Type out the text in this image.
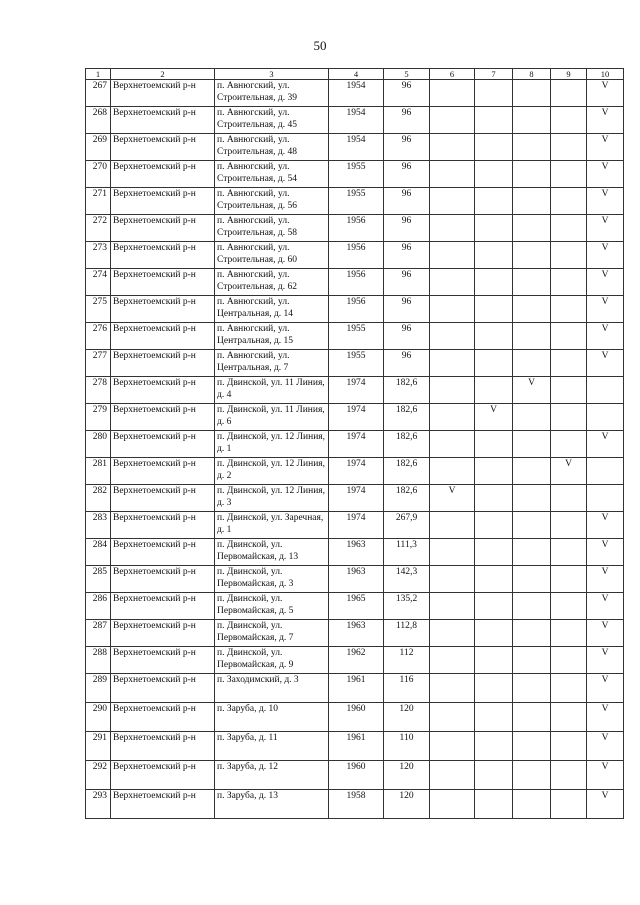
50
1	2	3	4	5	6	7	8	9	10
267	Верхнетоемский р-н	п. Авнюгский, ул. Строительная, д. 39	1954	96					V
268	Верхнетоемский р-н	п. Авнюгский, ул. Строительная, д. 45	1954	96					V
269	Верхнетоемский р-н	п. Авнюгский, ул. Строительная, д. 48	1954	96					V
270	Верхнетоемский р-н	п. Авнюгский, ул. Строительная, д. 54	1955	96					V
271	Верхнетоемский р-н	п. Авнюгский, ул. Строительная, д. 56	1955	96					V
272	Верхнетоемский р-н	п. Авнюгский, ул. Строительная, д. 58	1956	96					V
273	Верхнетоемский р-н	п. Авнюгский, ул. Строительная, д. 60	1956	96					V
274	Верхнетоемский р-н	п. Авнюгский, ул. Строительная, д. 62	1956	96					V
275	Верхнетоемский р-н	п. Авнюгский, ул. Центральная, д. 14	1956	96					V
276	Верхнетоемский р-н	п. Авнюгский, ул. Центральная, д. 15	1955	96					V
277	Верхнетоемский р-н	п. Авнюгский, ул. Центральная, д. 7	1955	96					V
278	Верхнетоемский р-н	п. Двинской, ул. 11 Линия, д. 4	1974	182,6			V		
279	Верхнетоемский р-н	п. Двинской, ул. 11 Линия, д. 6	1974	182,6		V			
280	Верхнетоемский р-н	п. Двинской, ул. 12 Линия, д. 1	1974	182,6					V
281	Верхнетоемский р-н	п. Двинской, ул. 12 Линия, д. 2	1974	182,6				V	
282	Верхнетоемский р-н	п. Двинской, ул. 12 Линия, д. 3	1974	182,6	V				
283	Верхнетоемский р-н	п. Двинской, ул. Заречная, д. 1	1974	267,9					V
284	Верхнетоемский р-н	п. Двинской, ул. Первомайская, д. 13	1963	111,3					V
285	Верхнетоемский р-н	п. Двинской, ул. Первомайская, д. 3	1963	142,3					V
286	Верхнетоемский р-н	п. Двинской, ул. Первомайская, д. 5	1965	135,2					V
287	Верхнетоемский р-н	п. Двинской, ул. Первомайская, д. 7	1963	112,8					V
288	Верхнетоемский р-н	п. Двинской, ул. Первомайская, д. 9	1962	112					V
289	Верхнетоемский р-н	п. Заходимский, д. 3	1961	116					V
290	Верхнетоемский р-н	п. Заруба, д. 10	1960	120					V
291	Верхнетоемский р-н	п. Заруба, д. 11	1961	110					V
292	Верхнетоемский р-н	п. Заруба, д. 12	1960	120					V
293	Верхнетоемский р-н	п. Заруба, д. 13	1958	120					V
